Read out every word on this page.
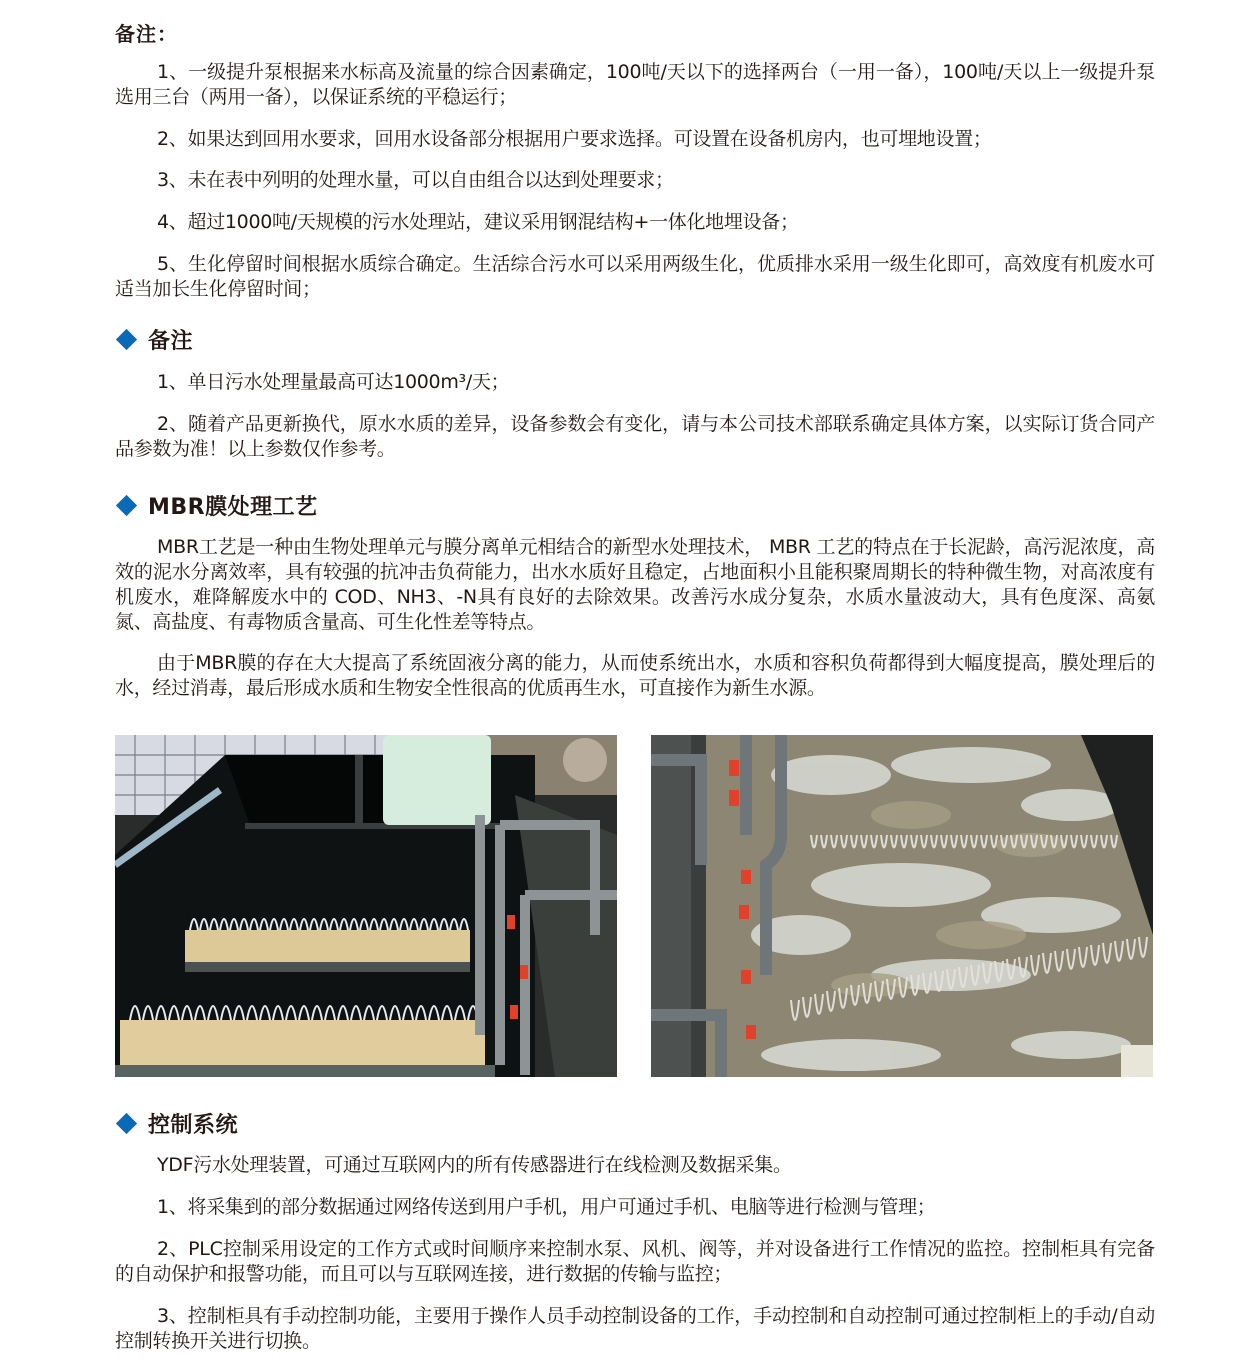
备注：
1、一级提升泵根据来水标高及流量的综合因素确定，100吨/天以下的选择两台（一用一备），100吨/天以上一级提升泵选用三台（两用一备），以保证系统的平稳运行；
2、如果达到回用水要求，回用水设备部分根据用户要求选择。可设置在设备机房内，也可埋地设置；
3、未在表中列明的处理水量，可以自由组合以达到处理要求；
4、超过1000吨/天规模的污水处理站，建议采用钢混结构+一体化地埋设备；
5、生化停留时间根据水质综合确定。生活综合污水可以采用两级生化，优质排水采用一级生化即可，高效度有机废水可适当加长生化停留时间；
备注
1、单日污水处理量最高可达1000m³/天；
2、随着产品更新换代，原水水质的差异，设备参数会有变化，请与本公司技术部联系确定具体方案，以实际订货合同产品参数为准！以上参数仅作参考。
MBR膜处理工艺
MBR工艺是一种由生物处理单元与膜分离单元相结合的新型水处理技术， MBR 工艺的特点在于长泥龄，高污泥浓度，高效的泥水分离效率，具有较强的抗冲击负荷能力，出水水质好且稳定，占地面积小且能积聚周期长的特种微生物，对高浓度有机废水，难降解废水中的 COD、NH3、-N具有良好的去除效果。改善污水成分复杂，水质水量波动大，具有色度深、高氨氮、高盐度、有毒物质含量高、可生化性差等特点。
由于MBR膜的存在大大提高了系统固液分离的能力，从而使系统出水，水质和容积负荷都得到大幅度提高，膜处理后的水，经过消毒，最后形成水质和生物安全性很高的优质再生水，可直接作为新生水源。
控制系统
YDF污水处理装置，可通过互联网内的所有传感器进行在线检测及数据采集。
1、将采集到的部分数据通过网络传送到用户手机，用户可通过手机、电脑等进行检测与管理；
2、PLC控制采用设定的工作方式或时间顺序来控制水泵、风机、阀等，并对设备进行工作情况的监控。控制柜具有完备的自动保护和报警功能，而且可以与互联网连接，进行数据的传输与监控；
3、控制柜具有手动控制功能，主要用于操作人员手动控制设备的工作，手动控制和自动控制可通过控制柜上的手动/自动控制转换开关进行切换。
